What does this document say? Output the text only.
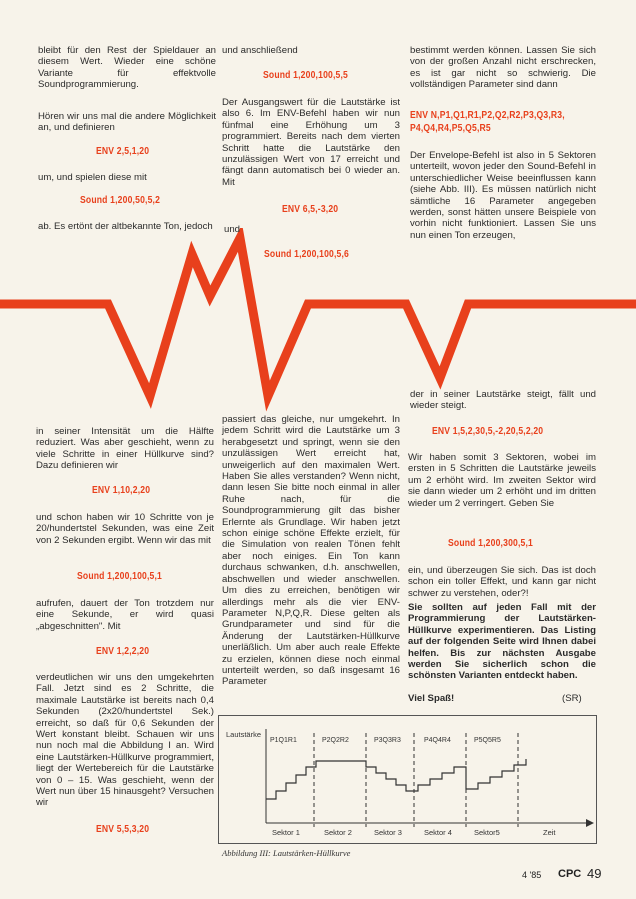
bleibt für den Rest der Spieldauer an diesem Wert. Wieder eine schöne Variante für effektvolle Soundprogrammierung.
Hören wir uns mal die andere Möglichkeit an, und definieren
ENV 2,5,1,20
um, und spielen diese mit
Sound 1,200,50,5,2
ab. Es ertönt der altbekannte Ton, jedoch
in seiner Intensität um die Hälfte reduziert. Was aber geschieht, wenn zu viele Schritte in einer Hüllkurve sind? Dazu definieren wir
ENV 1,10,2,20
und schon haben wir 10 Schritte von je 20/hundertstel Sekunden, was eine Zeit von 2 Sekunden ergibt. Wenn wir das mit
Sound 1,200,100,5,1
aufrufen, dauert der Ton trotzdem nur eine Sekunde, er wird quasi „abgeschnitten". Mit
ENV 1,2,2,20
verdeutlichen wir uns den umgekehrten Fall. Jetzt sind es 2 Schritte, die maximale Lautstärke ist bereits nach 0,4 Sekunden (2x20/hundertstel Sek.) erreicht, so daß für 0,6 Sekunden der Wert konstant bleibt. Schauen wir uns nun noch mal die Abbildung I an. Wird eine Lautstärken-Hüllkurve programmiert, liegt der Wertebereich für die Lautstärke von 0 – 15. Was geschieht, wenn der Wert nun über 15 hinausgeht? Versuchen wir
ENV 5,5,3,20
und anschließend
Sound 1,200,100,5,5
Der Ausgangswert für die Lautstärke ist also 6. Im ENV-Befehl haben wir nun fünfmal eine Erhöhung um 3 programmiert. Bereits nach dem vierten Schritt hatte die Lautstärke den unzulässigen Wert von 17 erreicht und fängt dann automatisch bei 0 wieder an. Mit
ENV 6,5,-3,20
und
Sound 1,200,100,5,6
passiert das gleiche, nur umgekehrt. In jedem Schritt wird die Lautstärke um 3 herabgesetzt und springt, wenn sie den unzulässigen Wert erreicht hat, unweigerlich auf den maximalen Wert. Haben Sie alles verstanden? Wenn nicht, dann lesen Sie bitte noch einmal in aller Ruhe nach, für die Soundprogrammierung gilt das bisher Erlernte als Grundlage. Wir haben jetzt schon einige schöne Effekte erzielt, für die Simulation von realen Tönen fehlt aber noch einiges. Ein Ton kann durchaus schwanken, d.h. anschwellen, abschwellen und wieder anschwellen. Um dies zu erreichen, benötigen wir allerdings mehr als die vier ENV-Parameter N,P,Q,R. Diese gelten als Grundparameter und sind für die Änderung der Lautstärken-Hüllkurve unerläßlich. Um aber auch reale Effekte zu erzielen, können diese noch einmal unterteilt werden, so daß insgesamt 16 Parameter
bestimmt werden können. Lassen Sie sich von der großen Anzahl nicht erschrecken, es ist gar nicht so schwierig. Die vollständigen Parameter sind dann
ENV N,P1,Q1,R1,P2,Q2,R2,P3,Q3,R3,
P4,Q4,R4,P5,Q5,R5
Der Envelope-Befehl ist also in 5 Sektoren unterteilt, wovon jeder den Sound-Befehl in unterschiedlicher Weise beeinflussen kann (siehe Abb. III). Es müssen natürlich nicht sämtliche 16 Parameter angegeben werden, sonst hätten unsere Beispiele von vorhin nicht funktioniert. Lassen Sie uns nun einen Ton erzeugen,
der in seiner Lautstärke steigt, fällt und wieder steigt.
ENV 1,5,2,30,5,-2,20,5,2,20
Wir haben somit 3 Sektoren, wobei im ersten in 5 Schritten die Lautstärke jeweils um 2 erhöht wird. Im zweiten Sektor wird sie dann wieder um 2 erhöht und im dritten wieder um 2 verringert. Geben Sie
Sound 1,200,300,5,1
ein, und überzeugen Sie sich. Das ist doch schon ein toller Effekt, und kann gar nicht schwer zu verstehen, oder?!
Sie sollten auf jeden Fall mit der Programmierung der Lautstärken-Hüllkurve experimentieren. Das Listing auf der folgenden Seite wird Ihnen dabei helfen. Bis zur nächsten Ausgabe werden Sie sicherlich schon die schönsten Varianten entdeckt haben.
Viel Spaß!	(SR)
Lautstärke
P1Q1R1	P2Q2R2	P3Q3R3	P4Q4R4	P5Q5R5
Sektor 1	Sektor 2	Sektor 3	Sektor 4	Sektor5	Zeit
Abbildung III: Lautstärken-Hüllkurve
4 '85 CPC 49
